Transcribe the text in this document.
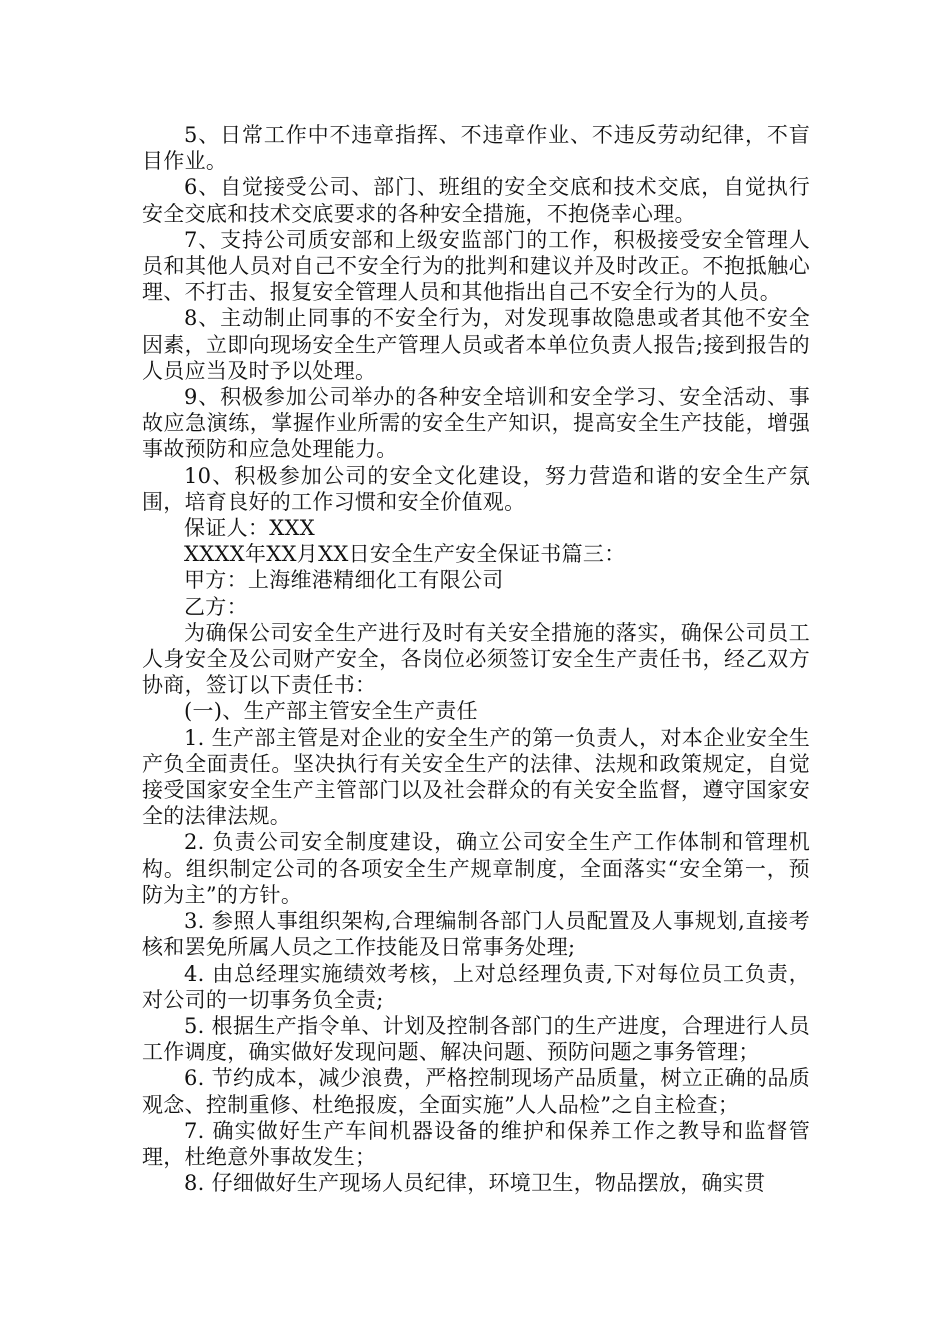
5、日常工作中不违章指挥、不违章作业、不违反劳动纪律，不盲目作业。

6、自觉接受公司、部门、班组的安全交底和技术交底，自觉执行安全交底和技术交底要求的各种安全措施，不抱侥幸心理。

7、支持公司质安部和上级安监部门的工作，积极接受安全管理人员和其他人员对自己不安全行为的批判和建议并及时改正。不抱抵触心理、不打击、报复安全管理人员和其他指出自己不安全行为的人员。

8、主动制止同事的不安全行为，对发现事故隐患或者其他不安全因素，立即向现场安全生产管理人员或者本单位负责人报告;接到报告的人员应当及时予以处理。

9、积极参加公司举办的各种安全培训和安全学习、安全活动、事故应急演练，掌握作业所需的安全生产知识，提高安全生产技能，增强事故预防和应急处理能力。

10、积极参加公司的安全文化建设，努力营造和谐的安全生产氛围，培育良好的工作习惯和安全价值观。

保证人：XXX

XXXX年XX月XX日安全生产安全保证书篇三：

甲方：上海维港精细化工有限公司

乙方：

为确保公司安全生产进行及时有关安全措施的落实，确保公司员工人身安全及公司财产安全，各岗位必须签订安全生产责任书，经乙双方协商，签订以下责任书：

(一)、生产部主管安全生产责任

1. 生产部主管是对企业的安全生产的第一负责人，对本企业安全生产负全面责任。坚决执行有关安全生产的法律、法规和政策规定，自觉接受国家安全生产主管部门以及社会群众的有关安全监督，遵守国家安全的法律法规。

2. 负责公司安全制度建设，确立公司安全生产工作体制和管理机构。组织制定公司的各项安全生产规章制度，全面落实“安全第一，预防为主”的方针。

3. 参照人事组织架构,合理编制各部门人员配置及人事规划,直接考核和罢免所属人员之工作技能及日常事务处理;

4. 由总经理实施绩效考核，上对总经理负责,下对每位员工负责，对公司的一切事务负全责;

5. 根据生产指令单、计划及控制各部门的生产进度，合理进行人员工作调度，确实做好发现问题、解决问题、预防问题之事务管理；

6. 节约成本，减少浪费，严格控制现场产品质量，树立正确的品质观念、控制重修、杜绝报废，全面实施”人人品检”之自主检查；

7. 确实做好生产车间机器设备的维护和保养工作之教导和监督管理，杜绝意外事故发生；

8. 仔细做好生产现场人员纪律，环境卫生，物品摆放，确实贯
